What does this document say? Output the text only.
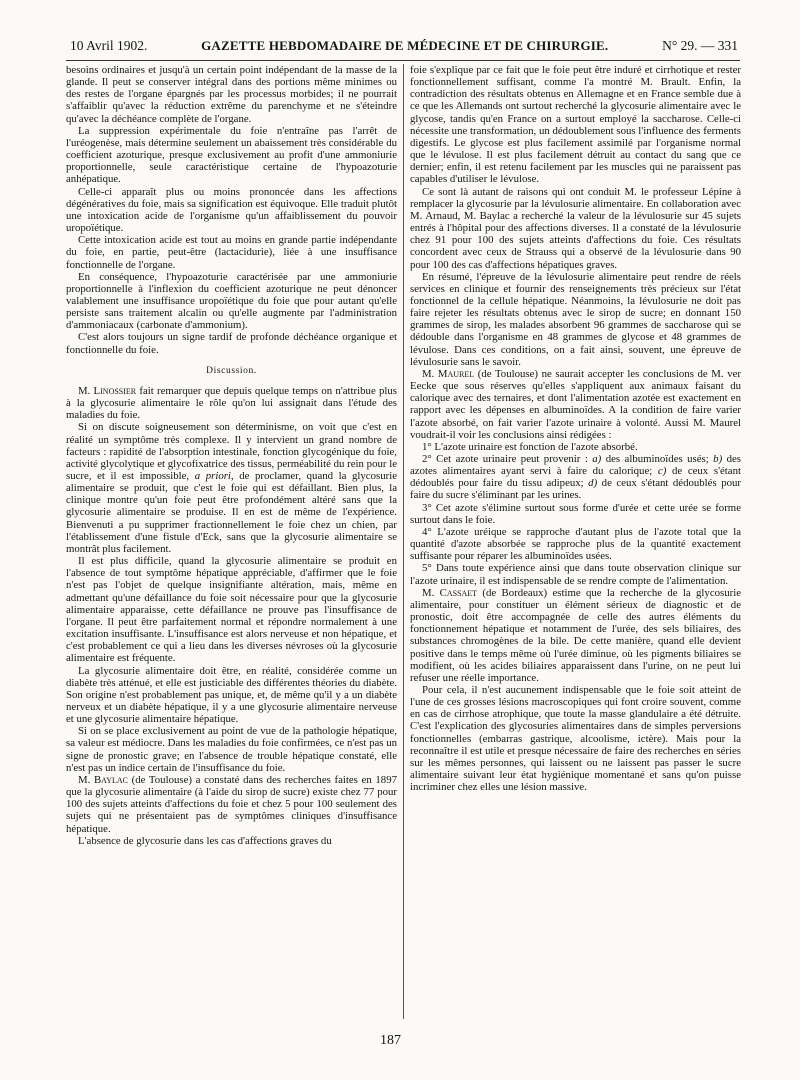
10 Avril 1902.	GAZETTE HEBDOMADAIRE DE MÉDECINE ET DE CHIRURGIE.	N° 29. — 331

besoins ordinaires et jusqu'à un certain point indépendant de la masse de la glande. Il peut se conserver intégral dans des portions même minimes ou des restes de l'organe épargnés par les processus morbides; il ne pourrait s'affaiblir qu'avec la réduction extrême du parenchyme et ne s'éteindre qu'avec la déchéance complète de l'organe.

La suppression expérimentale du foie n'entraîne pas l'arrêt de l'uréogenèse, mais détermine seulement un abaissement très considérable du coefficient azoturique, presque exclusivement au profit d'une ammoniurie proportionnelle, seule caractéristique certaine de l'hypoazoturie anhépatique.

Celle-ci apparaît plus ou moins prononcée dans les affections dégénératives du foie, mais sa signification est équivoque. Elle traduit plutôt une intoxication acide de l'organisme qu'un affaiblissement du pouvoir uropoïétique.

Cette intoxication acide est tout au moins en grande partie indépendante du foie, en partie, peut-être (lactacidurie), liée à une insuffisance fonctionnelle de l'organe.

En conséquence, l'hypoazoturie caractérisée par une ammoniurie proportionnelle à l'inflexion du coefficient azoturique ne peut dénoncer valablement une insuffisance uropoïétique du foie que pour autant qu'elle persiste sans traitement alcalin ou qu'elle augmente par l'administration d'ammoniacaux (carbonate d'ammonium).

C'est alors toujours un signe tardif de profonde déchéance organique et fonctionnelle du foie.

Discussion.

M. Linossier fait remarquer que depuis quelque temps on n'attribue plus à la glycosurie alimentaire le rôle qu'on lui assignait dans l'étude des maladies du foie.

Si on discute soigneusement son déterminisme, on voit que c'est en réalité un symptôme très complexe. Il y intervient un grand nombre de facteurs : rapidité de l'absorption intestinale, fonction glycogénique du foie, activité glycolytique et glycofixatrice des tissus, perméabilité du rein pour le sucre, et il est impossible, a priori, de proclamer, quand la glycosurie alimentaire se produit, que c'est le foie qui est défaillant. Bien plus, la clinique montre qu'un foie peut être profondément altéré sans que la glycosurie alimentaire se produise. Il en est de même de l'expérience. Bienvenuti a pu supprimer fractionnellement le foie chez un chien, par l'établissement d'une fistule d'Eck, sans que la glycosurie alimentaire se montrât plus facilement.

Il est plus difficile, quand la glycosurie alimentaire se produit en l'absence de tout symptôme hépatique appréciable, d'affirmer que le foie n'est pas l'objet de quelque insignifiante altération, mais, même en admettant qu'une défaillance du foie soit nécessaire pour que la glycosurie alimentaire apparaisse, cette défaillance ne prouve pas l'insuffisance de l'organe. Il peut être parfaitement normal et répondre normalement à une excitation insuffisante. L'insuffisance est alors nerveuse et non hépatique, et c'est probablement ce qui a lieu dans les diverses névroses où la glycosurie alimentaire est fréquente.

La glycosurie alimentaire doit être, en réalité, considérée comme un diabète très atténué, et elle est justiciable des différentes théories du diabète. Son origine n'est probablement pas unique, et, de même qu'il y a un diabète nerveux et un diabète hépatique, il y a une glycosurie alimentaire nerveuse et une glycosurie alimentaire hépatique.

Si on se place exclusivement au point de vue de la pathologie hépatique, sa valeur est médiocre. Dans les maladies du foie confirmées, ce n'est pas un signe de pronostic grave; en l'absence de trouble hépatique constaté, elle n'est pas un indice certain de l'insuffisance du foie.

M. Baylac (de Toulouse) a constaté dans des recherches faites en 1897 que la glycosurie alimentaire (à l'aide du sirop de sucre) existe chez 77 pour 100 des sujets atteints d'affections du foie et chez 5 pour 100 seulement des sujets qui ne présentaient pas de symptômes cliniques d'insuffisance hépatique.

L'absence de glycosurie dans les cas d'affections graves du

foie s'explique par ce fait que le foie peut être induré et cirrhotique et rester fonctionnellement suffisant, comme l'a montré M. Brault. Enfin, la contradiction des résultats obtenus en Allemagne et en France semble due à ce que les Allemands ont surtout recherché la glycosurie alimentaire avec le glycose, tandis qu'en France on a surtout employé la saccharose. Celle-ci nécessite une transformation, un dédoublement sous l'influence des ferments digestifs. Le glycose est plus facilement assimilé par l'organisme normal que le lévulose. Il est plus facilement détruit au contact du sang que ce dernier; enfin, il est retenu facilement par les muscles qui ne paraissent pas capables d'utiliser le lévulose.

Ce sont là autant de raisons qui ont conduit M. le professeur Lépine à remplacer la glycosurie par la lévulosurie alimentaire. En collaboration avec M. Arnaud, M. Baylac a recherché la valeur de la lévulosurie sur 45 sujets entrés à l'hôpital pour des affections diverses. Il a constaté de la lévulosurie chez 91 pour 100 des sujets atteints d'affections du foie. Ces résultats concordent avec ceux de Strauss qui a observé de la lévulosurie dans 90 pour 100 des cas d'affections hépatiques graves.

En résumé, l'épreuve de la lévulosurie alimentaire peut rendre de réels services en clinique et fournir des renseignements très précieux sur l'état fonctionnel de la cellule hépatique. Néanmoins, la lévulosurie ne doit pas faire rejeter les résultats obtenus avec le sirop de sucre; en donnant 150 grammes de sirop, les malades absorbent 96 grammes de saccharose qui se dédouble dans l'organisme en 48 grammes de glycose et 48 grammes de lévulose. Dans ces conditions, on a fait ainsi, souvent, une épreuve de lévulosurie sans le savoir.

M. Maurel (de Toulouse) ne saurait accepter les conclusions de M. ver Eecke que sous réserves qu'elles s'appliquent aux animaux faisant du calorique avec des ternaires, et dont l'alimentation azotée est exactement en rapport avec les dépenses en albuminoïdes. A la condition de faire varier l'azote absorbé, on fait varier l'azote urinaire à volonté. Aussi M. Maurel voudrait-il voir les conclusions ainsi rédigées :

1° L'azote urinaire est fonction de l'azote absorbé.

2° Cet azote urinaire peut provenir : a) des albuminoïdes usés; b) des azotes alimentaires ayant servi à faire du calorique; c) de ceux s'étant dédoublés pour faire du tissu adipeux; d) de ceux s'étant dédoublés pour faire du sucre s'éliminant par les urines.

3° Cet azote s'élimine surtout sous forme d'urée et cette urée se forme surtout dans le foie.

4° L'azote uréique se rapproche d'autant plus de l'azote total que la quantité d'azote absorbée se rapproche plus de la quantité exactement suffisante pour réparer les albuminoïdes usées.

5° Dans toute expérience ainsi que dans toute observation clinique sur l'azote urinaire, il est indispensable de se rendre compte de l'alimentation.

M. Cassaet (de Bordeaux) estime que la recherche de la glycosurie alimentaire, pour constituer un élément sérieux de diagnostic et de pronostic, doit être accompagnée de celle des autres éléments du fonctionnement hépatique et notamment de l'urée, des sels biliaires, des substances chromogènes de la bile. De cette manière, quand elle devient positive dans le temps même où l'urée diminue, où les pigments biliaires se modifient, où les acides biliaires apparaissent dans l'urine, on ne peut lui refuser une réelle importance.

Pour cela, il n'est aucunement indispensable que le foie soit atteint de l'une de ces grosses lésions macroscopiques qui font croire souvent, comme en cas de cirrhose atrophique, que toute la masse glandulaire a été détruite. C'est l'explication des glycosuries alimentaires dans de simples perversions fonctionnelles (embarras gastrique, alcoolisme, ictère). Mais pour la reconnaître il est utile et presque nécessaire de faire des recherches en séries sur les mêmes personnes, qui laissent ou ne laissent pas passer le sucre alimentaire suivant leur état hygiénique momentané et sans qu'on puisse incriminer chez elles une lésion massive.

187
